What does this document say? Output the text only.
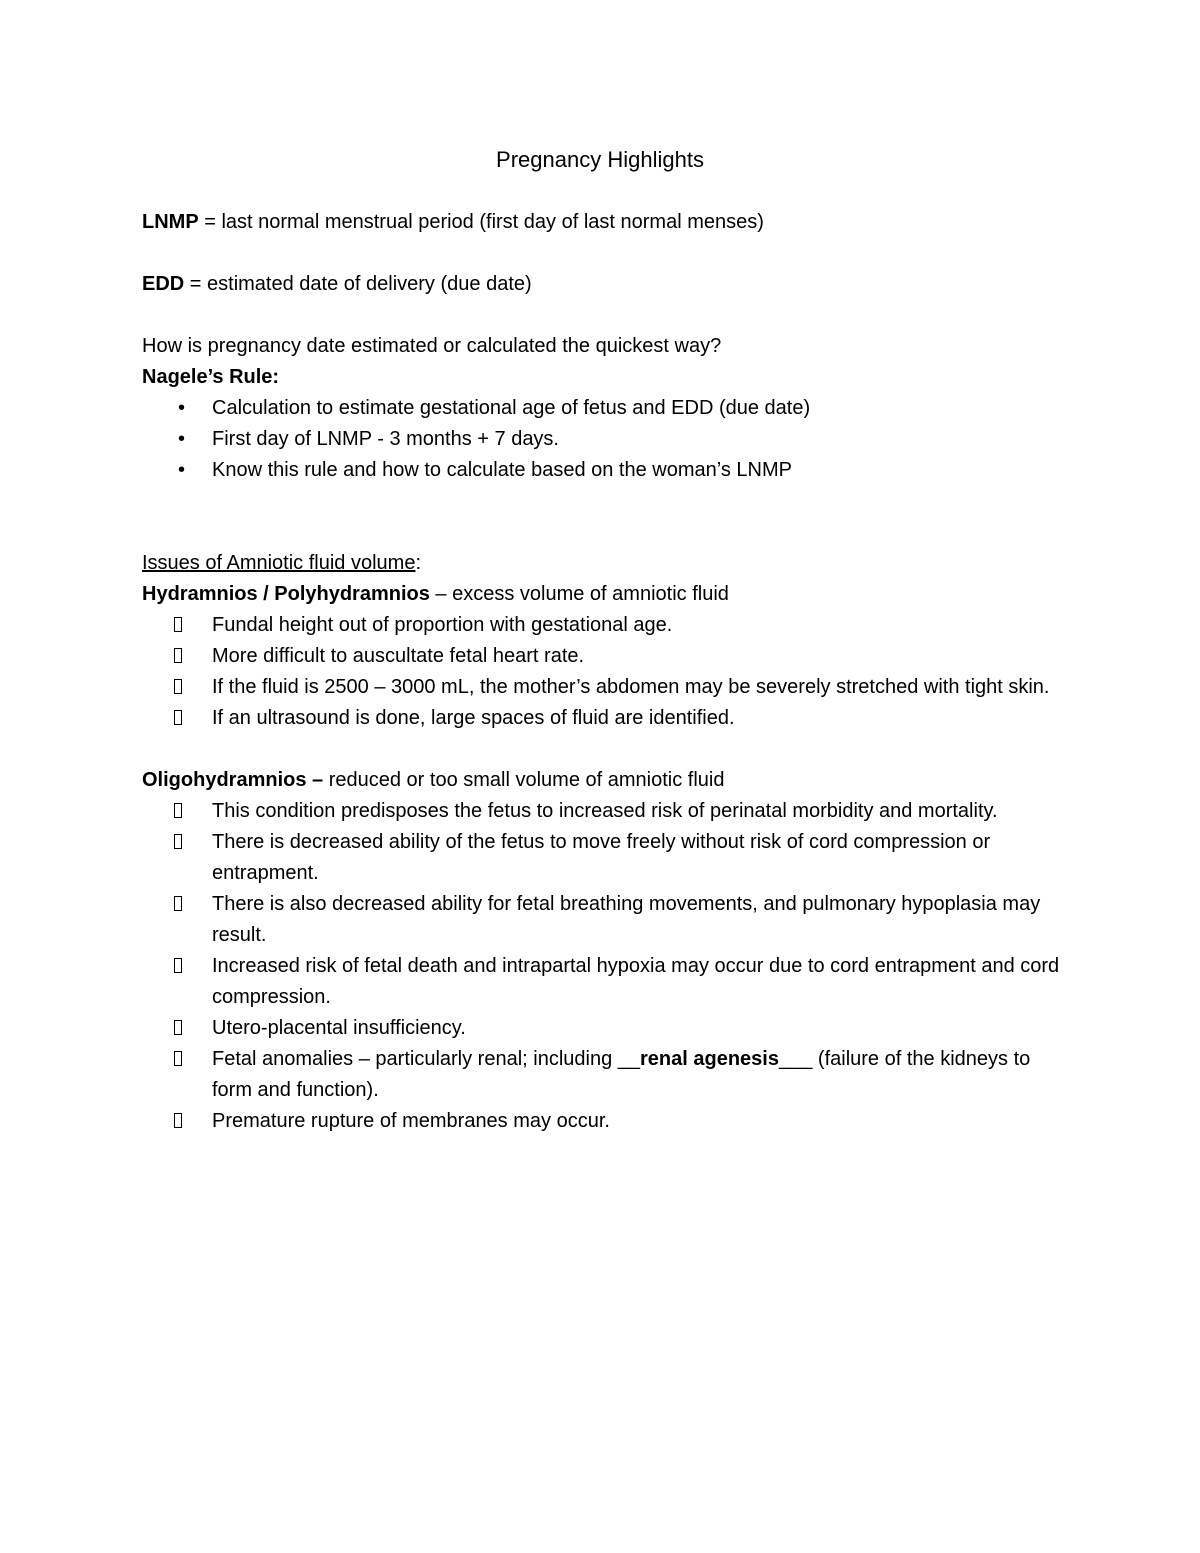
Pregnancy Highlights

LNMP = last normal menstrual period (first day of last normal menses)

EDD = estimated date of delivery (due date)

How is pregnancy date estimated or calculated the quickest way?

Nagele’s Rule:

•	Calculation to estimate gestational age of fetus and EDD (due date)
•	First day of LNMP - 3 months + 7 days.
•	Know this rule and how to calculate based on the woman’s LNMP

Issues of Amniotic fluid volume:

Hydramnios / Polyhydramnios – excess volume of amniotic fluid

Fundal height out of proportion with gestational age.
More difficult to auscultate fetal heart rate.
If the fluid is 2500 – 3000 mL, the mother’s abdomen may be severely stretched with tight skin.
If an ultrasound is done, large spaces of fluid are identified.

Oligohydramnios – reduced or too small volume of amniotic fluid

This condition predisposes the fetus to increased risk of perinatal morbidity and mortality.
There is decreased ability of the fetus to move freely without risk of cord compression or entrapment.
There is also decreased ability for fetal breathing movements, and pulmonary hypoplasia may result.
Increased risk of fetal death and intrapartal hypoxia may occur due to cord entrapment and cord compression.
Utero-placental insufficiency.
Fetal anomalies – particularly renal; including __renal agenesis___ (failure of the kidneys to form and function).
Premature rupture of membranes may occur.
